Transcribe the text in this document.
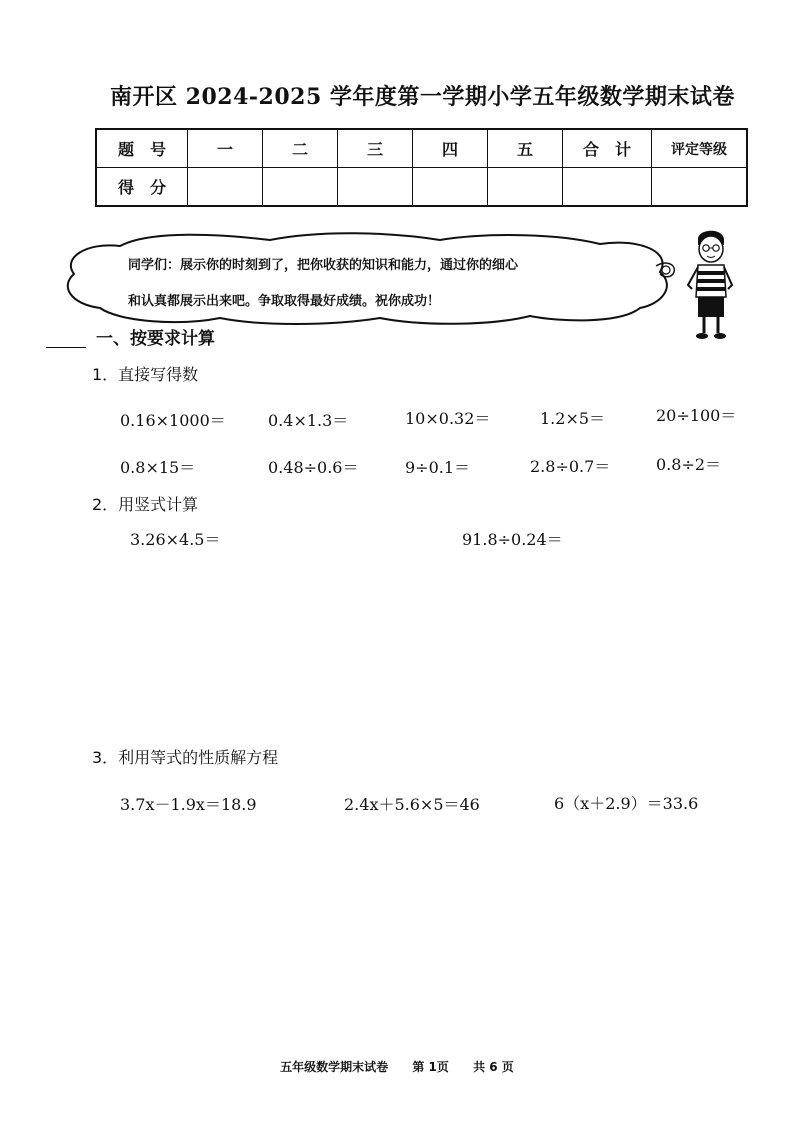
南开区 2024-2025 学年度第一学期小学五年级数学期末试卷
题　号	一	二	三	四	五	合　计	评定等级
得　分							
同学们：展示你的时刻到了，把你收获的知识和能力，通过你的细心
和认真都展示出来吧。争取取得最好成绩。祝你成功！
一、按要求计算
1．直接写得数
0.16×1000＝	0.4×1.3＝	10×0.32＝	1.2×5＝	20÷100＝
0.8×15＝	0.48÷0.6＝	9÷0.1＝	2.8÷0.7＝	0.8÷2＝
2．用竖式计算
3.26×4.5＝	91.8÷0.24＝
3．利用等式的性质解方程
3.7x－1.9x＝18.9	2.4x＋5.6×5＝46	6（x＋2.9）＝33.6
五年级数学期末试卷 第 1页 共 6 页
